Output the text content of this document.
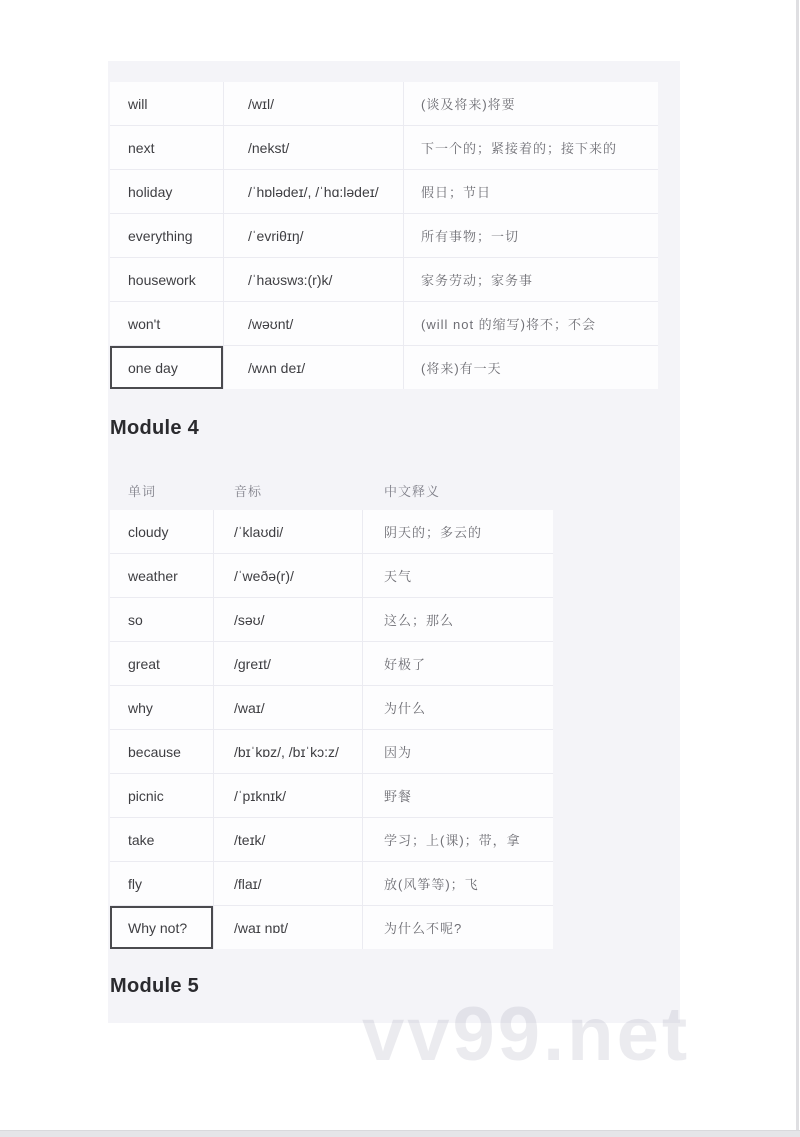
will	/wɪl/	(谈及将来)将要
next	/nekst/	下一个的；紧接着的；接下来的
holiday	/ˈhɒlədeɪ/, /ˈhɑ:lədeɪ/	假日；节日
everything	/ˈevriθɪŋ/	所有事物；一切
housework	/ˈhaʊswɜ:(r)k/	家务劳动；家务事
won't	/wəʊnt/	(will not 的缩写)将不；不会
one day	/wʌn deɪ/	(将来)有一天
Module 4
单词	音标	中文释义
cloudy	/ˈklaʊdi/	阴天的；多云的
weather	/ˈweðə(r)/	天气
so	/səʊ/	这么；那么
great	/greɪt/	好极了
why	/waɪ/	为什么
because	/bɪˈkɒz/, /bɪˈkɔ:z/	因为
picnic	/ˈpɪknɪk/	野餐
take	/teɪk/	学习；上(课)；带，拿
fly	/flaɪ/	放(风筝等)；飞
Why not?	/waɪ nɒt/	为什么不呢?
Module 5
vv99.net
